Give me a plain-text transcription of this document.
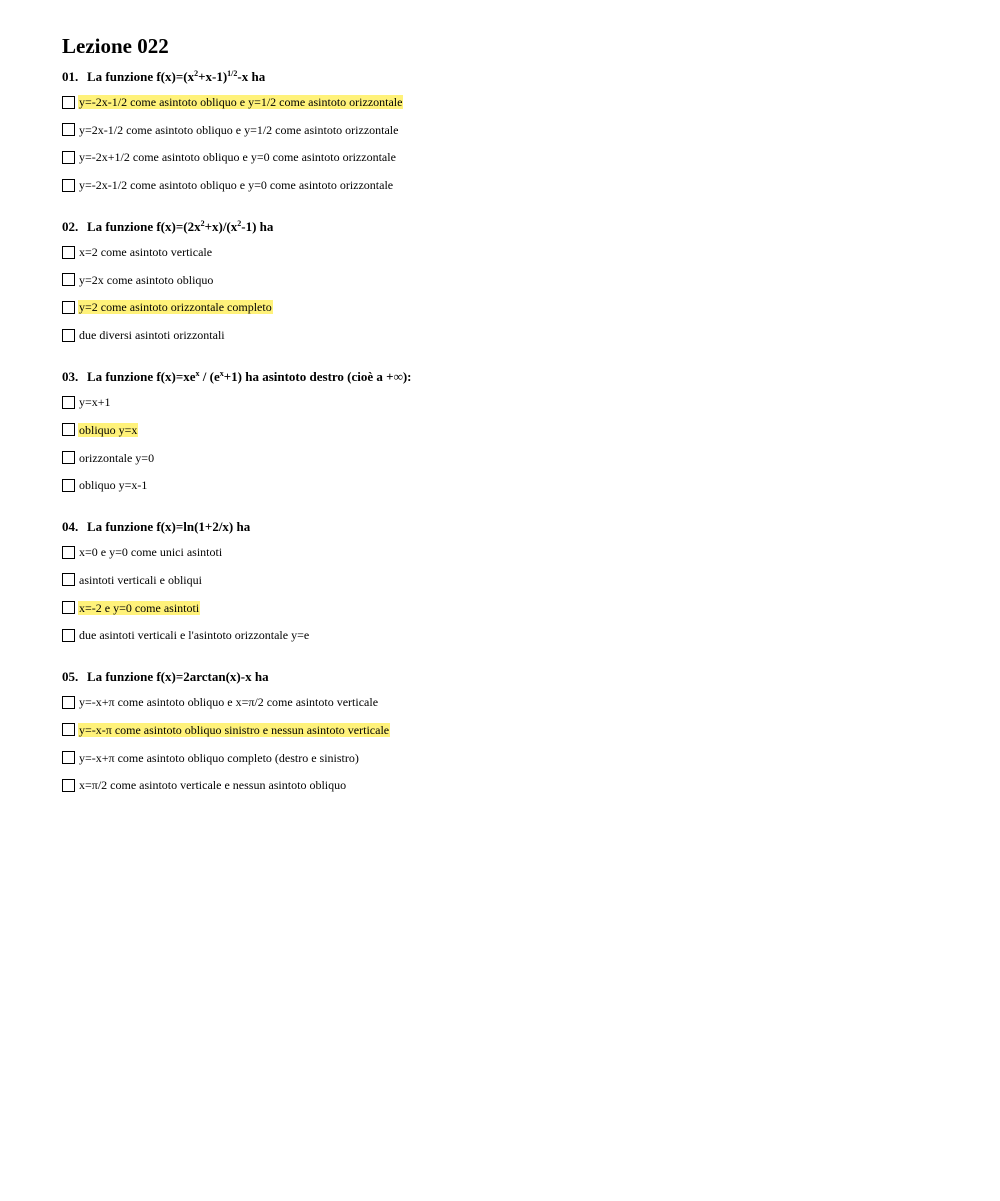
Lezione 022
01. La funzione $f(x)=(x^2+x-1)^{1/2}-x$ ha
y=-2x-1/2 come asintoto obliquo e y=1/2 come asintoto orizzontale
y=2x-1/2 come asintoto obliquo e y=1/2 come asintoto orizzontale
y=-2x+1/2 come asintoto obliquo e y=0 come asintoto orizzontale
y=-2x-1/2 come asintoto obliquo e y=0 come asintoto orizzontale
02. La funzione $f(x)=(2x^2+x)/(x^2-1)$ ha
x=2 come asintoto verticale
y=2x come asintoto obliquo
y=2 come asintoto orizzontale completo
due diversi asintoti orizzontali
03. La funzione $f(x)=xe^x / (e^x+1)$ ha asintoto destro (cioè a +∞):
y=x+1
obliquo y=x
orizzontale y=0
obliquo y=x-1
04. La funzione f(x)=ln(1+2/x) ha
x=0 e y=0 come unici asintoti
asintoti verticali e obliqui
x=-2 e y=0 come asintoti
due asintoti verticali e l'asintoto orizzontale y=e
05. La funzione f(x)=2arctan(x)-x ha
y=-x+π come asintoto obliquo e x=π/2 come asintoto verticale
y=-x-π come asintoto obliquo sinistro e nessun asintoto verticale
y=-x+π come asintoto obliquo completo (destro e sinistro)
x=π/2 come asintoto verticale e nessun asintoto obliquo
